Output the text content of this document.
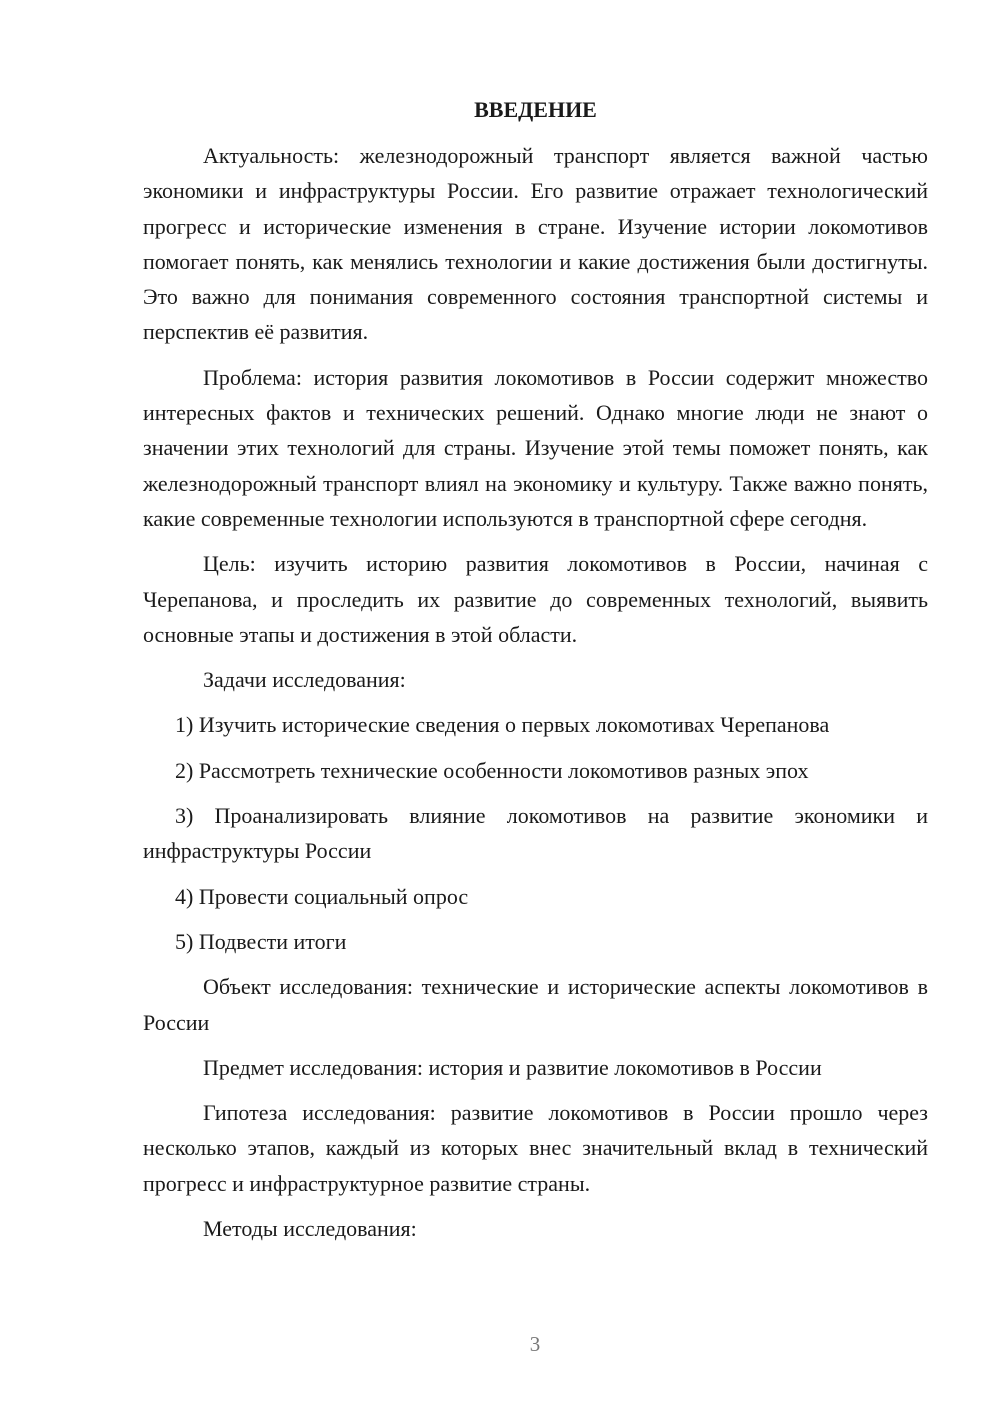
ВВЕДЕНИЕ

Актуальность: железнодорожный транспорт является важной частью экономики и инфраструктуры России. Его развитие отражает технологический прогресс и исторические изменения в стране. Изучение истории локомотивов помогает понять, как менялись технологии и какие достижения были достигнуты. Это важно для понимания современного состояния транспортной системы и перспектив её развития.

Проблема: история развития локомотивов в России содержит множество интересных фактов и технических решений. Однако многие люди не знают о значении этих технологий для страны. Изучение этой темы поможет понять, как железнодорожный транспорт влиял на экономику и культуру. Также важно понять, какие современные технологии используются в транспортной сфере сегодня.

Цель: изучить историю развития локомотивов в России, начиная с Черепанова, и проследить их развитие до современных технологий, выявить основные этапы и достижения в этой области.

Задачи исследования:

1) Изучить исторические сведения о первых локомотивах Черепанова

2) Рассмотреть технические особенности локомотивов разных эпох

3) Проанализировать влияние локомотивов на развитие экономики и инфраструктуры России

4) Провести социальный опрос

5) Подвести итоги

Объект исследования: технические и исторические аспекты локомотивов в России

Предмет исследования: история и развитие локомотивов в России

Гипотеза исследования: развитие локомотивов в России прошло через несколько этапов, каждый из которых внес значительный вклад в технический прогресс и инфраструктурное развитие страны.

Методы исследования:

3
